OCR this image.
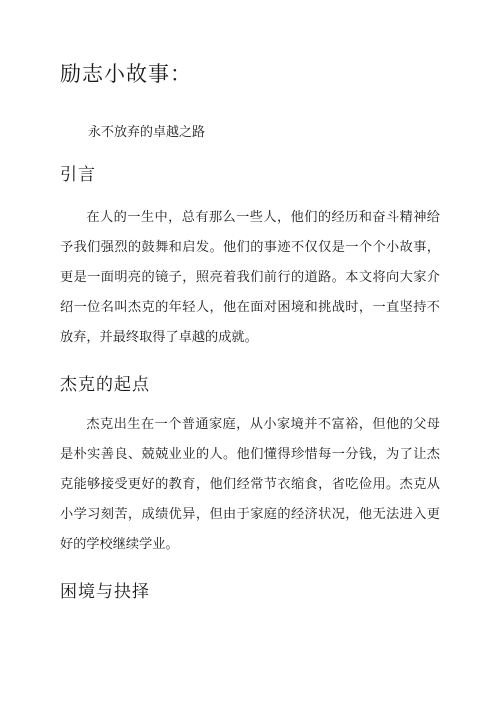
励志小故事：

永不放弃的卓越之路

引言

在人的一生中，总有那么一些人，他们的经历和奋斗精神给予我们强烈的鼓舞和启发。他们的事迹不仅仅是一个个小故事，更是一面明亮的镜子，照亮着我们前行的道路。本文将向大家介绍一位名叫杰克的年轻人，他在面对困境和挑战时，一直坚持不放弃，并最终取得了卓越的成就。

杰克的起点

杰克出生在一个普通家庭，从小家境并不富裕，但他的父母是朴实善良、兢兢业业的人。他们懂得珍惜每一分钱，为了让杰克能够接受更好的教育，他们经常节衣缩食，省吃俭用。杰克从小学习刻苦，成绩优异，但由于家庭的经济状况，他无法进入更好的学校继续学业。

困境与抉择
